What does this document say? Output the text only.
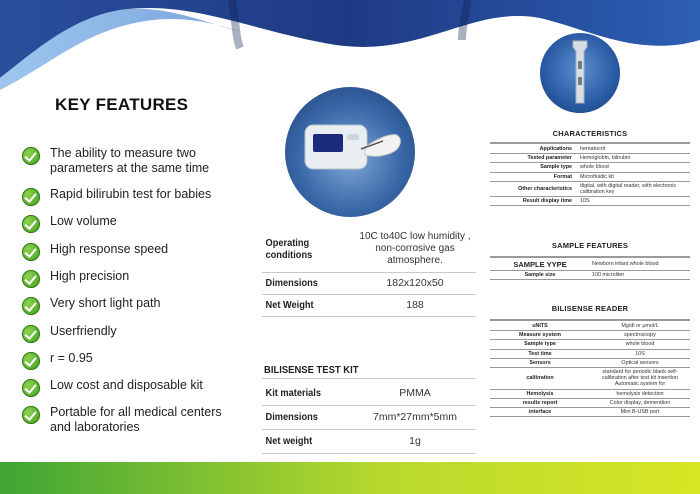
KEY FEATURES
The ability to measure two parameters at the same time
Rapid bilirubin test for babies
Low volume
High response speed
High precision
Very short light path
Userfriendly
r = 0.95
Low cost and disposable kit
Portable for all medical centers and laboratories
Operating conditions	10C to40C low humidity , non-corrosive gas atmosphere.
Dimensions	182x120x50
Net Weight	188
BILISENSE TEST KIT
Kit materials	PMMA
Dimensions	7mm*27mm*5mm
Net weight	1g
CHARACTERISTICS
Applications	hematocrit
Tested parameter	Hemoglobin, bilirubin
Sample type	whole blood
Format	Microfluidic kit
Other characteristics	digital, with digital reader, with electronic calibration key
Result display time	10S
SAMPLE FEATURES
SAMPLE YYPE	Newborn infant whole blood
Sample size	100 microliter
BILISENSE READER
uNITS	Mg/dl or μmol/L
Measure system	spectroscopy
Sample type	whole blood
Test time	10S
Sensors	Optical sensors
calibration	standard for periodic blank self-calibration after test kit insertion Automatic system for
Hemolysis	hemolysis detection
results report	Color display, dementtion
interface	Mini B-USB port
